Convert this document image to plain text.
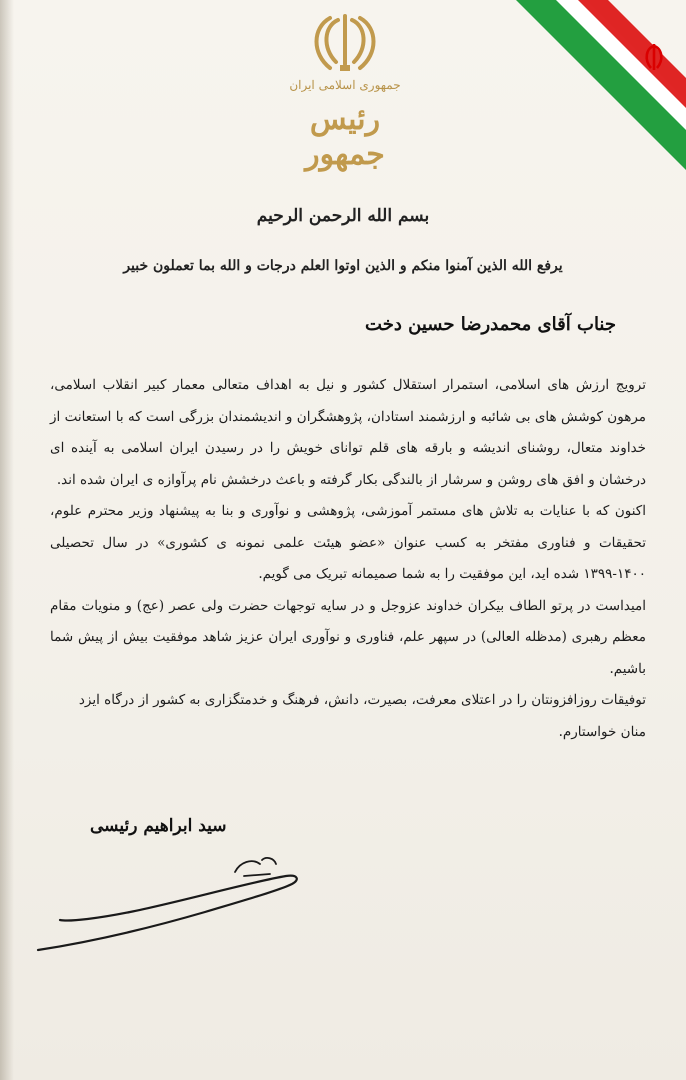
جمهوری اسلامی ایران
رئیس جمهور
بسم الله الرحمن الرحیم
یرفع الله الذین آمنوا منکم و الذین اوتوا العلم درجات و الله بما تعملون خبیر
جناب آقای محمدرضا حسین دخت

ترویج ارزش های اسلامی، استمرار استقلال کشور و نیل به اهداف متعالی معمار کبیر انقلاب اسلامی، مرهون کوشش های بی شائبه و ارزشمند استادان، پژوهشگران و اندیشمندان بزرگی است که با استعانت از خداوند متعال، روشنای اندیشه و بارقه های قلم توانای خویش را در رسیدن ایران اسلامی به آینده ای درخشان و افق های روشن و سرشار از بالندگی بکار گرفته و باعث درخشش نام پرآوازه ی ایران شده اند.

اکنون که با عنایات به تلاش های مستمر آموزشی، پژوهشی و نوآوری و بنا به پیشنهاد وزیر محترم علوم، تحقیقات و فناوری مفتخر به کسب عنوان «عضو هیئت علمی نمونه ی کشوری» در سال تحصیلی ۱۴۰۰-۱۳۹۹ شده اید، این موفقیت را به شما صمیمانه تبریک می گویم.

امیداست در پرتو الطاف بیکران خداوند عزوجل و در سایه توجهات حضرت ولی عصر (عج) و منویات مقام معظم رهبری (مدظله العالی) در سپهر علم، فناوری و نوآوری ایران عزیز شاهد موفقیت بیش از پیش شما باشیم.

توفیقات روزافزونتان را در اعتلای معرفت، بصیرت، دانش، فرهنگ و خدمتگزاری به کشور از درگاه ایزد منان خواستارم.

سید ابراهیم رئیسی
